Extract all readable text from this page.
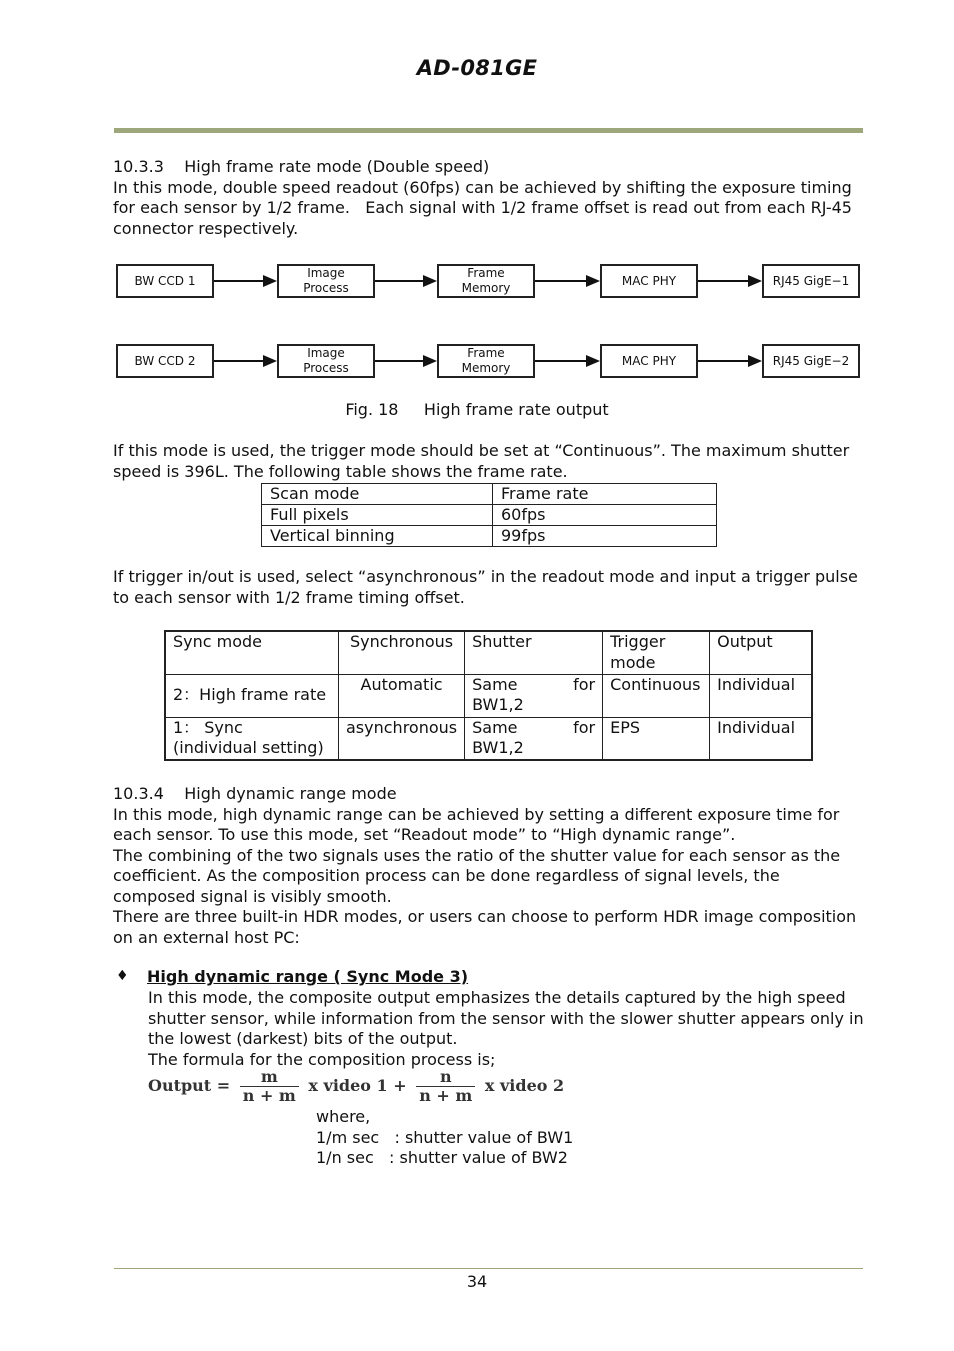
AD-081GE

10.3.3    High frame rate mode (Double speed)

In this mode, double speed readout (60fps) can be achieved by shifting the exposure timing for each sensor by 1/2 frame.   Each signal with 1/2 frame offset is read out from each RJ-45 connector respectively.

BW CCD 1
Image
Process
Frame
Memory
MAC PHY	RJ45 GigE−1
BW CCD 2
Image
Process
Frame
Memory
MAC PHY	RJ45 GigE−2
Fig. 18     High frame rate output
If this mode is used, the trigger mode should be set at “Continuous”. The maximum shutter speed is 396L. The following table shows the frame rate.
Scan mode	Frame rate
Full pixels	60fps
Vertical binning	99fps
If trigger in/out is used, select “asynchronous” in the readout mode and input a trigger pulse to each sensor with 1/2 frame timing offset.
Sync mode	Synchronous	Shutter	Trigger mode	Output
2：High frame rate	Automatic	Same for
BW1,2	Continuous	Individual
1： Sync (individual setting)	asynchronous	Same for
BW1,2	EPS	Individual

10.3.4    High dynamic range mode

In this mode, high dynamic range can be achieved by setting a different exposure time for each sensor. To use this mode, set “Readout mode” to “High dynamic range”.

The combining of the two signals uses the ratio of the shutter value for each sensor as the coefficient. As the composition process can be done regardless of signal levels, the composed signal is visibly smooth.

There are three built-in HDR modes, or users can choose to perform HDR image composition on an external host PC:

♦ High dynamic range ( Sync Mode 3)

In this mode, the composite output emphasizes the details captured by the high speed shutter sensor, while information from the sensor with the slower shutter appears only in the lowest (darkest) bits of the output.

The formula for the composition process is;

Output = $\frac{m}{n + m}$ x video $1 + \frac{n}{n + m}$ x video 2

where,

1/m sec   : shutter value of BW1

1/n sec   : shutter value of BW2

34
